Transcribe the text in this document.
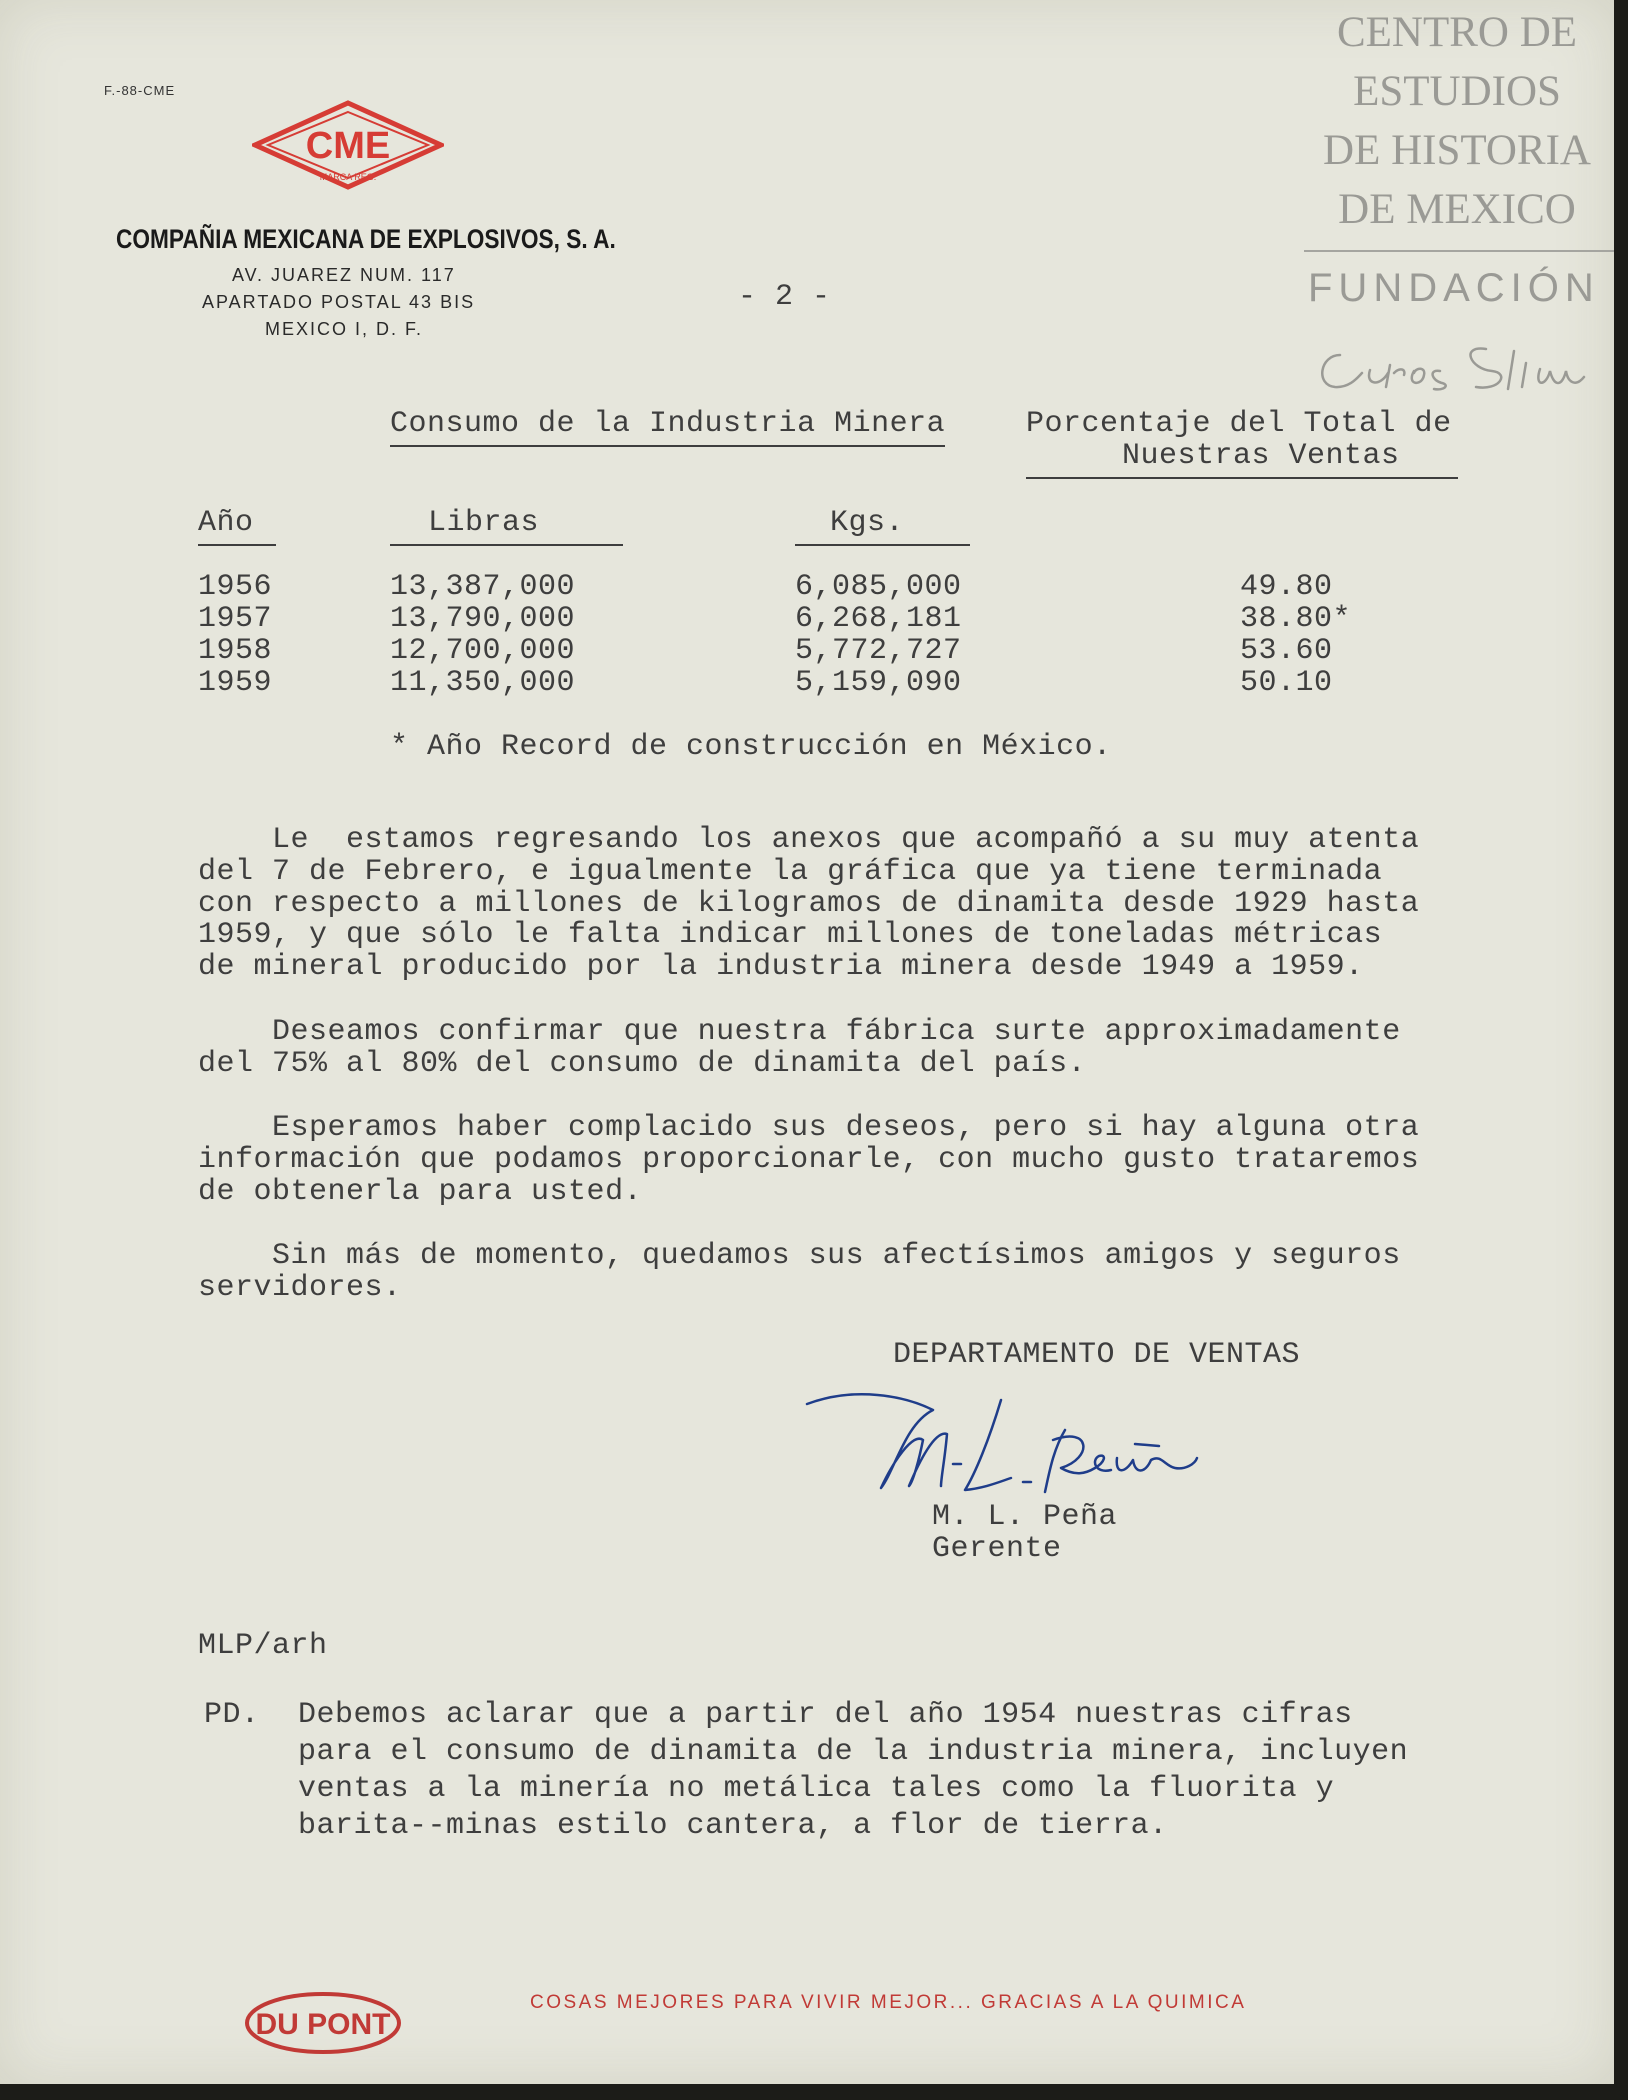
F.-88-CME
CME
MARCA REG.
COMPAÑIA MEXICANA DE EXPLOSIVOS, S. A.
AV. JUAREZ NUM. 117
APARTADO POSTAL 43 BIS
MEXICO I, D. F.
- 2 -

CENTRO DE

ESTUDIOS

DE HISTORIA

DE MEXICO

FUNDACIÓN

Consumo de la Industria Minera	Porcentaje del Total de
Nuestras Ventas
Año	Libras	Kgs.
1956	13,387,000	6,085,000	49.80
1957	13,790,000	6,268,181	38.80*
1958	12,700,000	5,772,727	53.60
1959	11,350,000	5,159,090	50.10
* Año Record de construcción en México.
Le  estamos regresando los anexos que acompañó a su muy atenta
del 7 de Febrero, e igualmente la gráfica que ya tiene terminada
con respecto a millones de kilogramos de dinamita desde 1929 hasta
1959, y que sólo le falta indicar millones de toneladas métricas
de mineral producido por la industria minera desde 1949 a 1959.
Deseamos confirmar que nuestra fábrica surte approximadamente
del 75% al 80% del consumo de dinamita del país.
Esperamos haber complacido sus deseos, pero si hay alguna otra
información que podamos proporcionarle, con mucho gusto trataremos
de obtenerla para usted.
Sin más de momento, quedamos sus afectísimos amigos y seguros
servidores.
DEPARTAMENTO DE VENTAS
M. L. Peña
Gerente
MLP/arh
PD. Debemos aclarar que a partir del año 1954 nuestras cifras
para el consumo de dinamita de la industria minera, incluyen
ventas a la minería no metálica tales como la fluorita y
barita--minas estilo cantera, a flor de tierra.
DU PONT
COSAS MEJORES PARA VIVIR MEJOR... GRACIAS A LA QUIMICA
